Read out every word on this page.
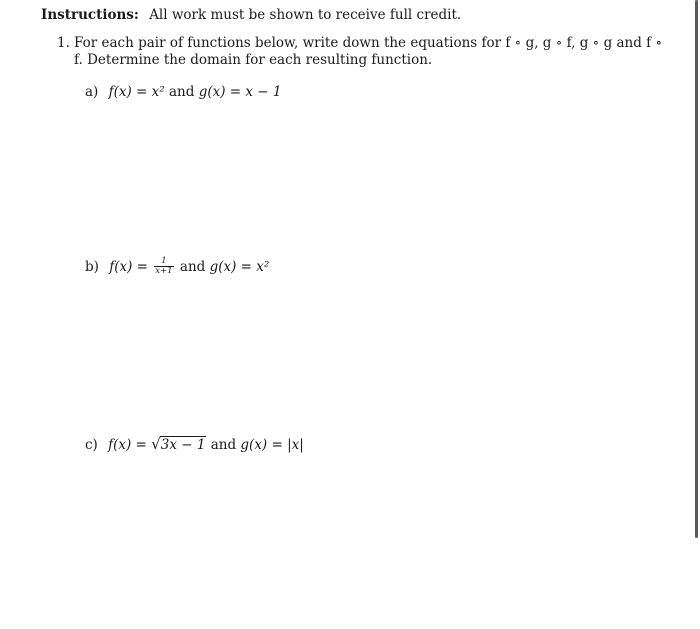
Instructions: All work must be shown to receive full credit.
1. For each pair of functions below, write down the equations for f ∘ g, g ∘ f, g ∘ g and f ∘ f. Determine the domain for each resulting function.
a) f(x) = x² and g(x) = x − 1
b) $f(x) = \frac{1}{x+1}$ and g(x) = x²
c) f(x) = √3x − 1 and g(x) = |x|
